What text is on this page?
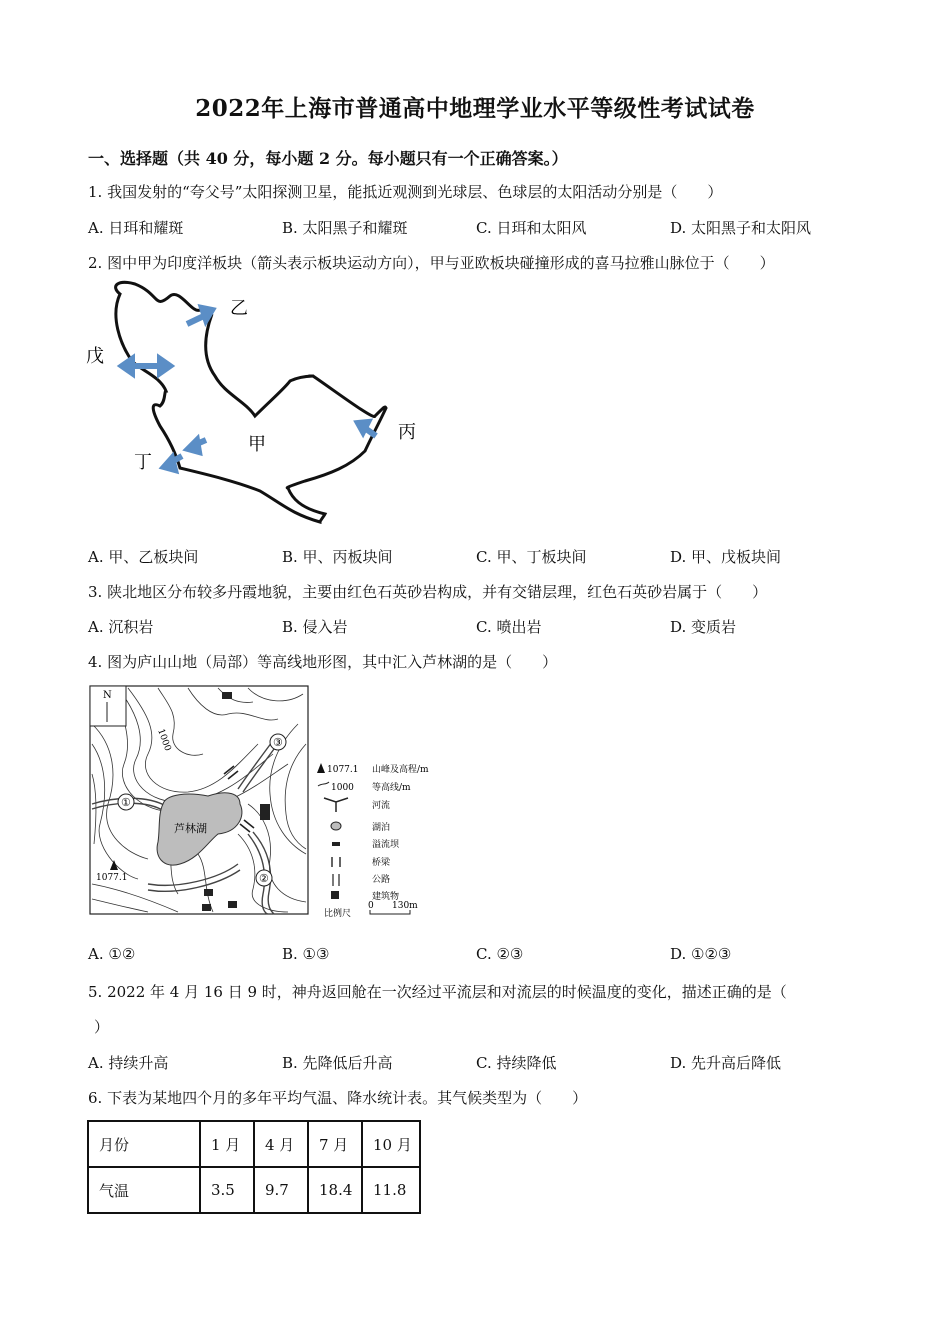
2022年上海市普通高中地理学业水平等级性考试试卷
一、选择题（共 40 分，每小题 2 分。每小题只有一个正确答案。）
1. 我国发射的“夸父号”太阳探测卫星，能抵近观测到光球层、色球层的太阳活动分别是（　　）
A. 日珥和耀斑	B. 太阳黑子和耀斑	C. 日珥和太阳风	D. 太阳黑子和太阳风
2. 图中甲为印度洋板块（箭头表示板块运动方向），甲与亚欧板块碰撞形成的喜马拉雅山脉位于（　　）
乙
戊
丙
丁
甲
A. 甲、乙板块间	B. 甲、丙板块间	C. 甲、丁板块间	D. 甲、戊板块间
3. 陕北地区分布较多丹霞地貌，主要由红色石英砂岩构成，并有交错层理，红色石英砂岩属于（　　）
A. 沉积岩	B. 侵入岩	C. 喷出岩	D. 变质岩
4. 图为庐山山地（局部）等高线地形图，其中汇入芦林湖的是（　　）
芦林湖
N
1000
1077.1
①
②
③
1077.1 山峰及高程/m
1000 等高线/m
河流
湖泊
溢流坝
桥梁
公路
建筑物
比例尺
0 130m
A. ①②	B. ①③	C. ②③	D. ①②③
5. 2022 年 4 月 16 日 9 时，神舟返回舱在一次经过平流层和对流层的时候温度的变化，描述正确的是（
）
A. 持续升高	B. 先降低后升高	C. 持续降低	D. 先升高后降低
6. 下表为某地四个月的多年平均气温、降水统计表。其气候类型为（　　）
月份	1 月	4 月	7 月	10 月
气温	3.5	9.7	18.4	11.8
